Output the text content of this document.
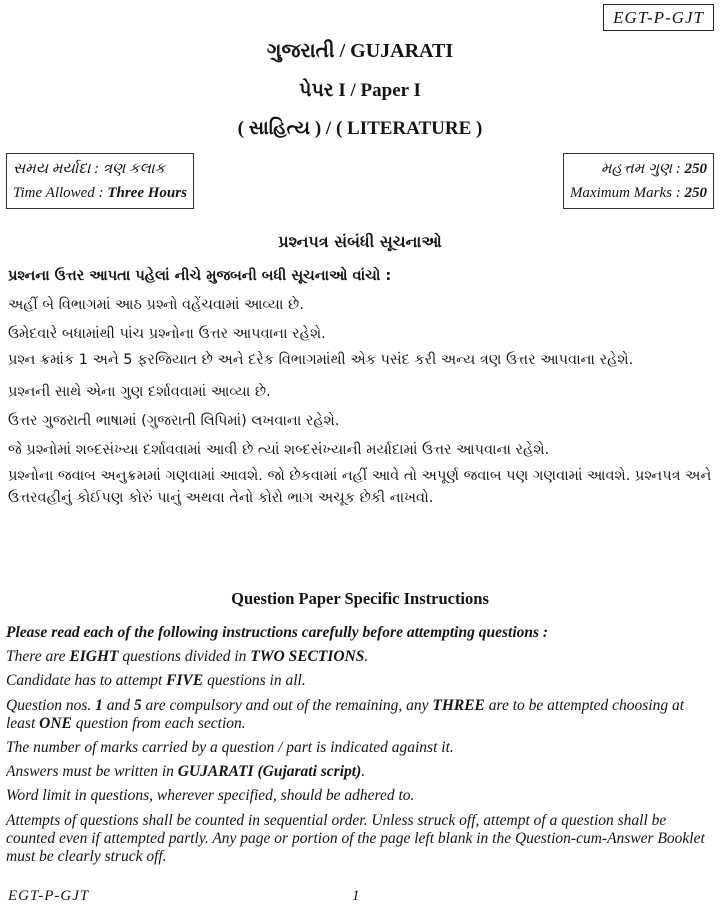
EGT-P-GJT
ગુજરાતી / GUJARATI
પેપર I / Paper I
( સાહિત્ય ) / ( LITERATURE )
સમય મર્યાદા : ત્રણ કલાક
Time Allowed : Three Hours
મહત્તમ ગુણ : 250
Maximum Marks : 250
પ્રશ્નપત્ર સંબંધી સૂચનાઓ
પ્રશ્નના ઉત્તર આપતા પહેલાં નીચે મુજબની બધી સૂચનાઓ વાંચો :
અહીં બે વિભાગમાં આઠ પ્રશ્નો વહેંચવામાં આવ્યા છે.
ઉમેદવારે બધામાંથી પાંચ પ્રશ્નોના ઉત્તર આપવાના રહેશે.
પ્રશ્ન ક્રમાંક 1 અને 5 ફરજિયાત છે અને દરેક વિભાગમાંથી એક પસંદ કરી અન્ય ત્રણ ઉત્તર આપવાના રહેશે.
પ્રશ્નની સાથે એના ગુણ દર્શાવવામાં આવ્યા છે.
ઉત્તર ગુજરાતી ભાષામાં (ગુજરાતી લિપિમાં) લખવાના રહેશે.
જે પ્રશ્નોમાં શબ્દસંખ્યા દર્શાવવામાં આવી છે ત્યાં શબ્દસંખ્યાની મર્યાદામાં ઉત્તર આપવાના રહેશે.
પ્રશ્નોના જવાબ અનુક્રમમાં ગણવામાં આવશે. જો છેકવામાં નહીં આવે તો અપૂર્ણ જવાબ પણ ગણવામાં આવશે. પ્રશ્નપત્ર અને ઉત્તરવહીનું કોઈપણ કોરું પાનું અથવા તેનો કોરો ભાગ અચૂક છેકી નાખવો.
Question Paper Specific Instructions
Please read each of the following instructions carefully before attempting questions :
There are EIGHT questions divided in TWO SECTIONS.
Candidate has to attempt FIVE questions in all.
Question nos. 1 and 5 are compulsory and out of the remaining, any THREE are to be attempted choosing at least ONE question from each section.
The number of marks carried by a question / part is indicated against it.
Answers must be written in GUJARATI (Gujarati script).
Word limit in questions, wherever specified, should be adhered to.
Attempts of questions shall be counted in sequential order. Unless struck off, attempt of a question shall be counted even if attempted partly. Any page or portion of the page left blank in the Question-cum-Answer Booklet must be clearly struck off.
EGT-P-GJT	1
